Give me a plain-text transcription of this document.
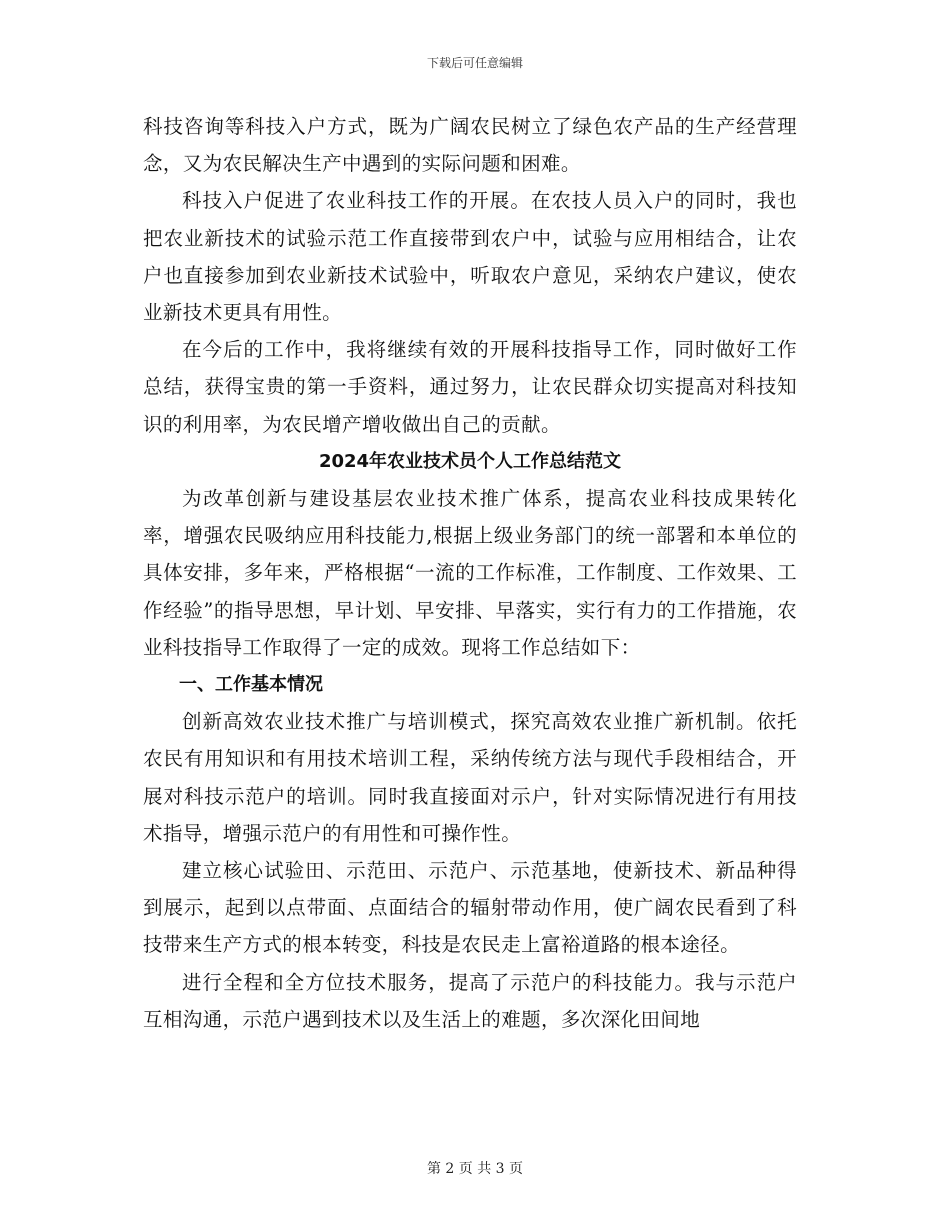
下载后可任意编辑

科技咨询等科技入户方式，既为广阔农民树立了绿色农产品的生产经营理念，又为农民解决生产中遇到的实际问题和困难。

科技入户促进了农业科技工作的开展。在农技人员入户的同时，我也把农业新技术的试验示范工作直接带到农户中，试验与应用相结合，让农户也直接参加到农业新技术试验中，听取农户意见，采纳农户建议，使农业新技术更具有用性。

在今后的工作中，我将继续有效的开展科技指导工作，同时做好工作总结，获得宝贵的第一手资料，通过努力，让农民群众切实提高对科技知识的利用率，为农民增产增收做出自己的贡献。

2024年农业技术员个人工作总结范文

为改革创新与建设基层农业技术推广体系，提高农业科技成果转化率，增强农民吸纳应用科技能力,根据上级业务部门的统一部署和本单位的具体安排，多年来，严格根据“一流的工作标准，工作制度、工作效果、工作经验”的指导思想，早计划、早安排、早落实，实行有力的工作措施，农业科技指导工作取得了一定的成效。现将工作总结如下：

一、工作基本情况

创新高效农业技术推广与培训模式，探究高效农业推广新机制。依托农民有用知识和有用技术培训工程，采纳传统方法与现代手段相结合，开展对科技示范户的培训。同时我直接面对示户，针对实际情况进行有用技术指导，增强示范户的有用性和可操作性。

建立核心试验田、示范田、示范户、示范基地，使新技术、新品种得到展示，起到以点带面、点面结合的辐射带动作用，使广阔农民看到了科技带来生产方式的根本转变，科技是农民走上富裕道路的根本途径。

进行全程和全方位技术服务，提高了示范户的科技能力。我与示范户互相沟通，示范户遇到技术以及生活上的难题，多次深化田间地

第 2 页 共 3 页
